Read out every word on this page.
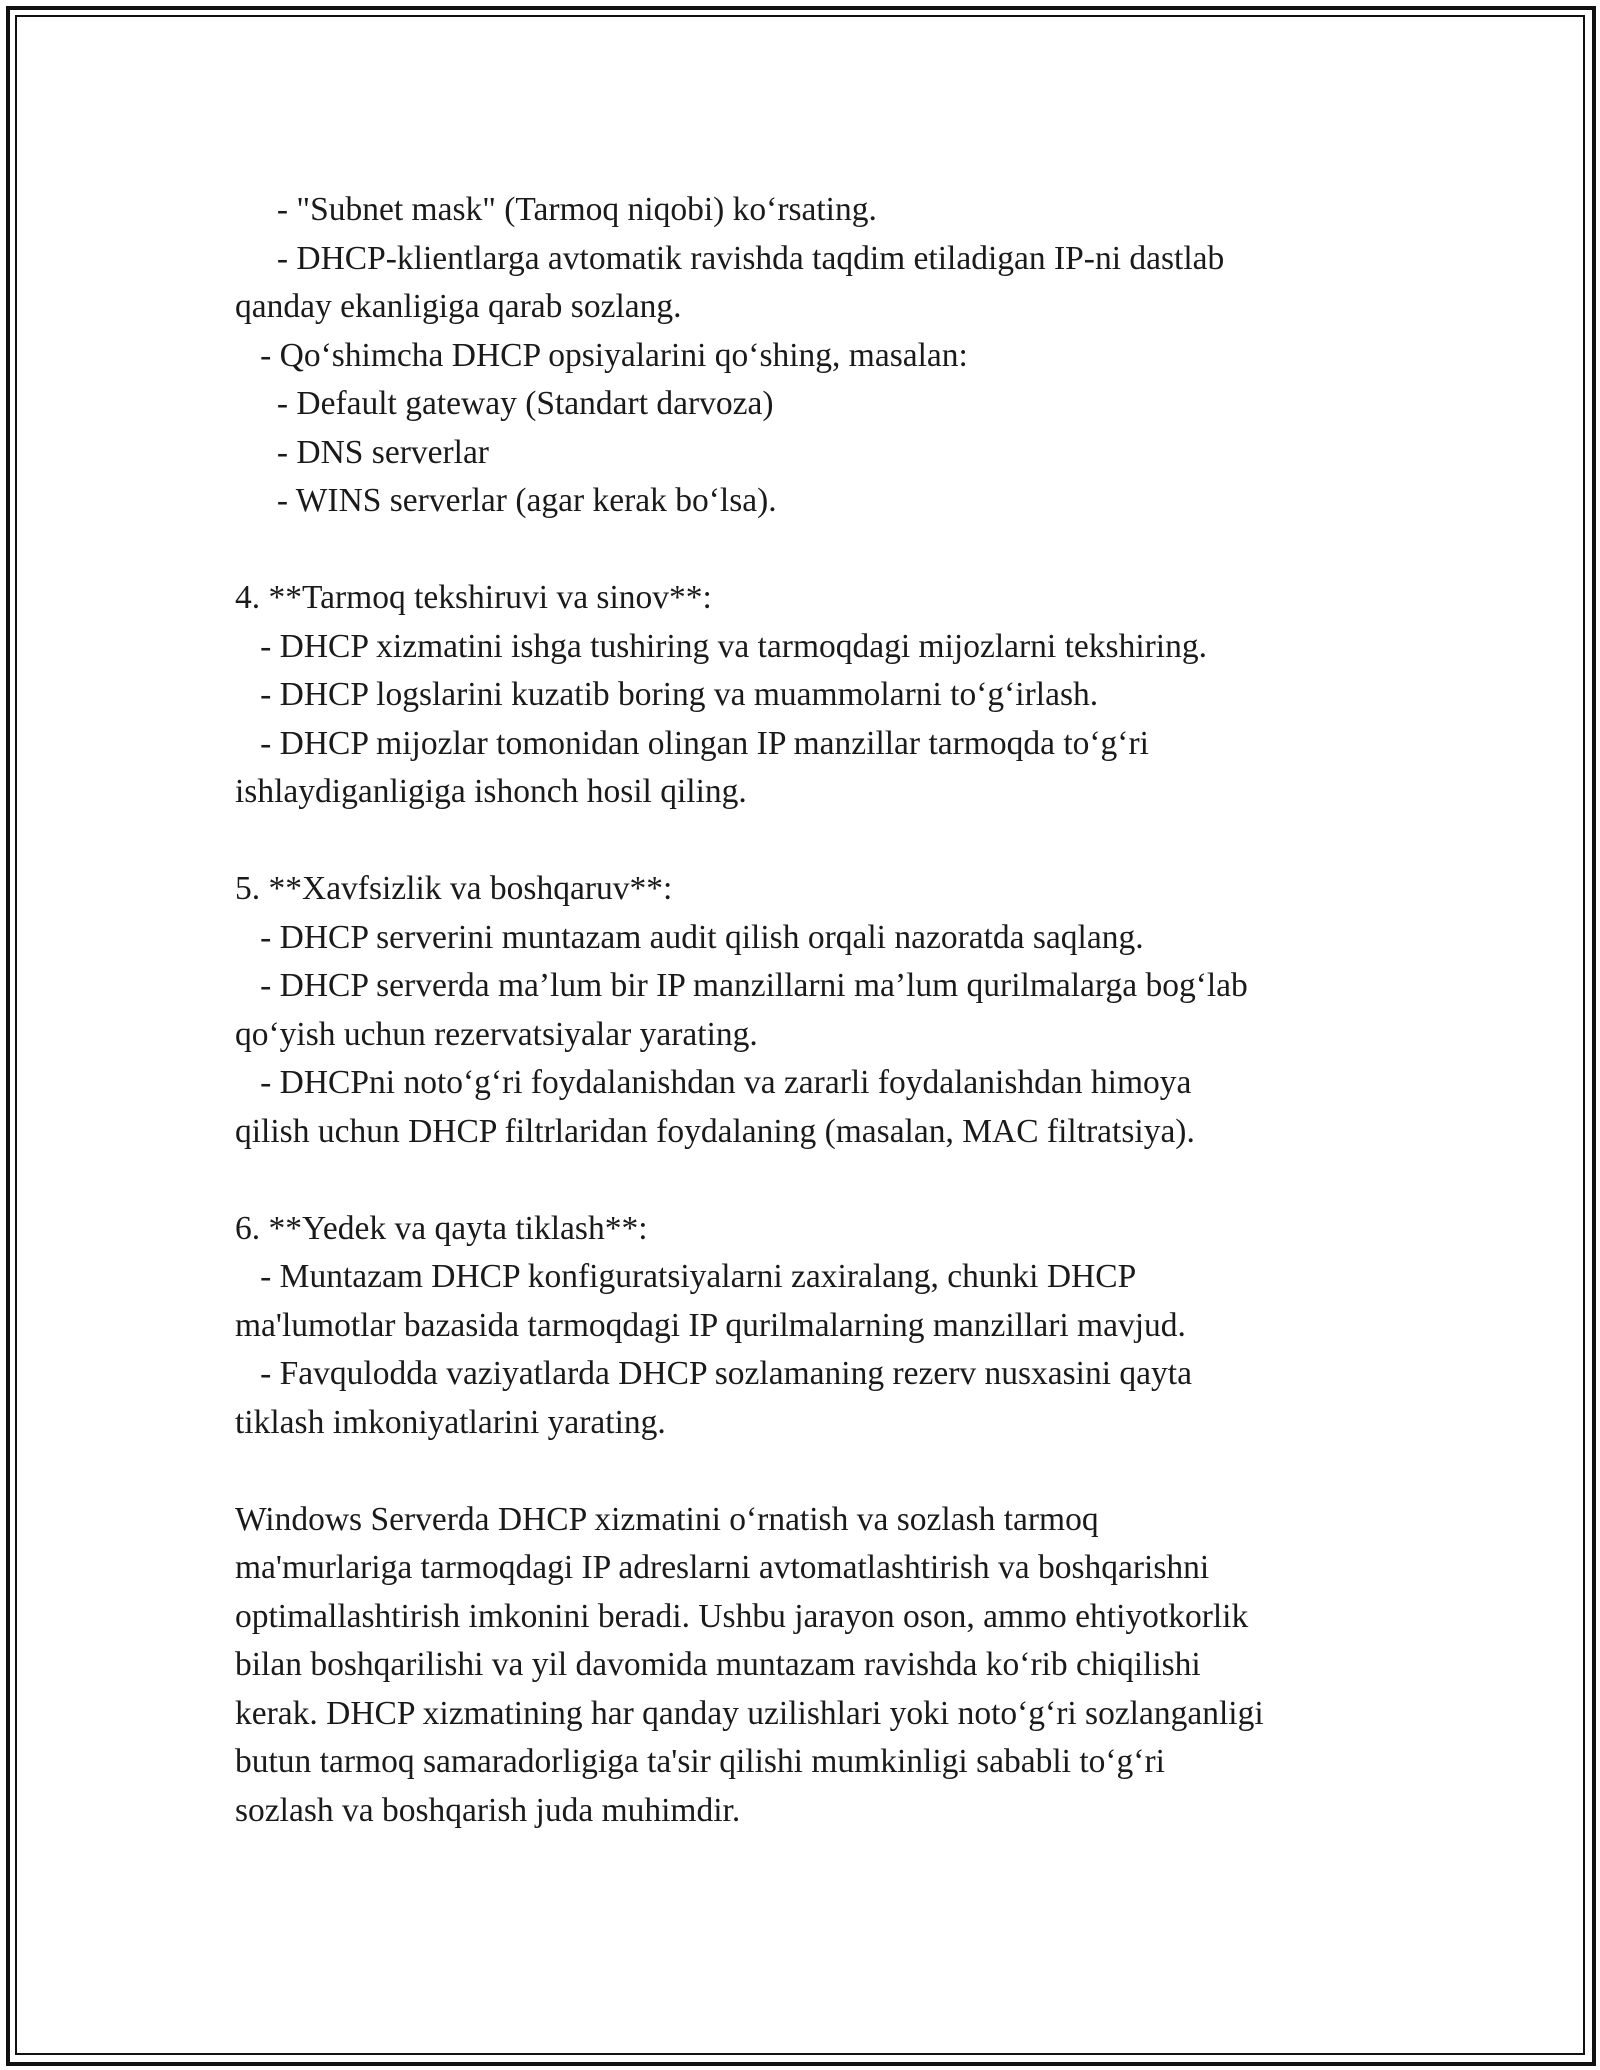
- "Subnet mask" (Tarmoq niqobi) ko‘rsating.
- DHCP-klientlarga avtomatik ravishda taqdim etiladigan IP-ni dastlab
qanday ekanligiga qarab sozlang.
- Qo‘shimcha DHCP opsiyalarini qo‘shing, masalan:
- Default gateway (Standart darvoza)
- DNS serverlar
- WINS serverlar (agar kerak bo‘lsa).
4. **Tarmoq tekshiruvi va sinov**:
- DHCP xizmatini ishga tushiring va tarmoqdagi mijozlarni tekshiring.
- DHCP logslarini kuzatib boring va muammolarni to‘g‘irlash.
- DHCP mijozlar tomonidan olingan IP manzillar tarmoqda to‘g‘ri
ishlaydiganligiga ishonch hosil qiling.
5. **Xavfsizlik va boshqaruv**:
- DHCP serverini muntazam audit qilish orqali nazoratda saqlang.
- DHCP serverda ma’lum bir IP manzillarni ma’lum qurilmalarga bog‘lab
qo‘yish uchun rezervatsiyalar yarating.
- DHCPni noto‘g‘ri foydalanishdan va zararli foydalanishdan himoya
qilish uchun DHCP filtrlaridan foydalaning (masalan, MAC filtratsiya).
6. **Yedek va qayta tiklash**:
- Muntazam DHCP konfiguratsiyalarni zaxiralang, chunki DHCP
ma'lumotlar bazasida tarmoqdagi IP qurilmalarning manzillari mavjud.
- Favqulodda vaziyatlarda DHCP sozlamaning rezerv nusxasini qayta
tiklash imkoniyatlarini yarating.
Windows Serverda DHCP xizmatini o‘rnatish va sozlash tarmoq
ma'murlariga tarmoqdagi IP adreslarni avtomatlashtirish va boshqarishni
optimallashtirish imkonini beradi. Ushbu jarayon oson, ammo ehtiyotkorlik
bilan boshqarilishi va yil davomida muntazam ravishda ko‘rib chiqilishi
kerak. DHCP xizmatining har qanday uzilishlari yoki noto‘g‘ri sozlanganligi
butun tarmoq samaradorligiga ta'sir qilishi mumkinligi sababli to‘g‘ri
sozlash va boshqarish juda muhimdir.
